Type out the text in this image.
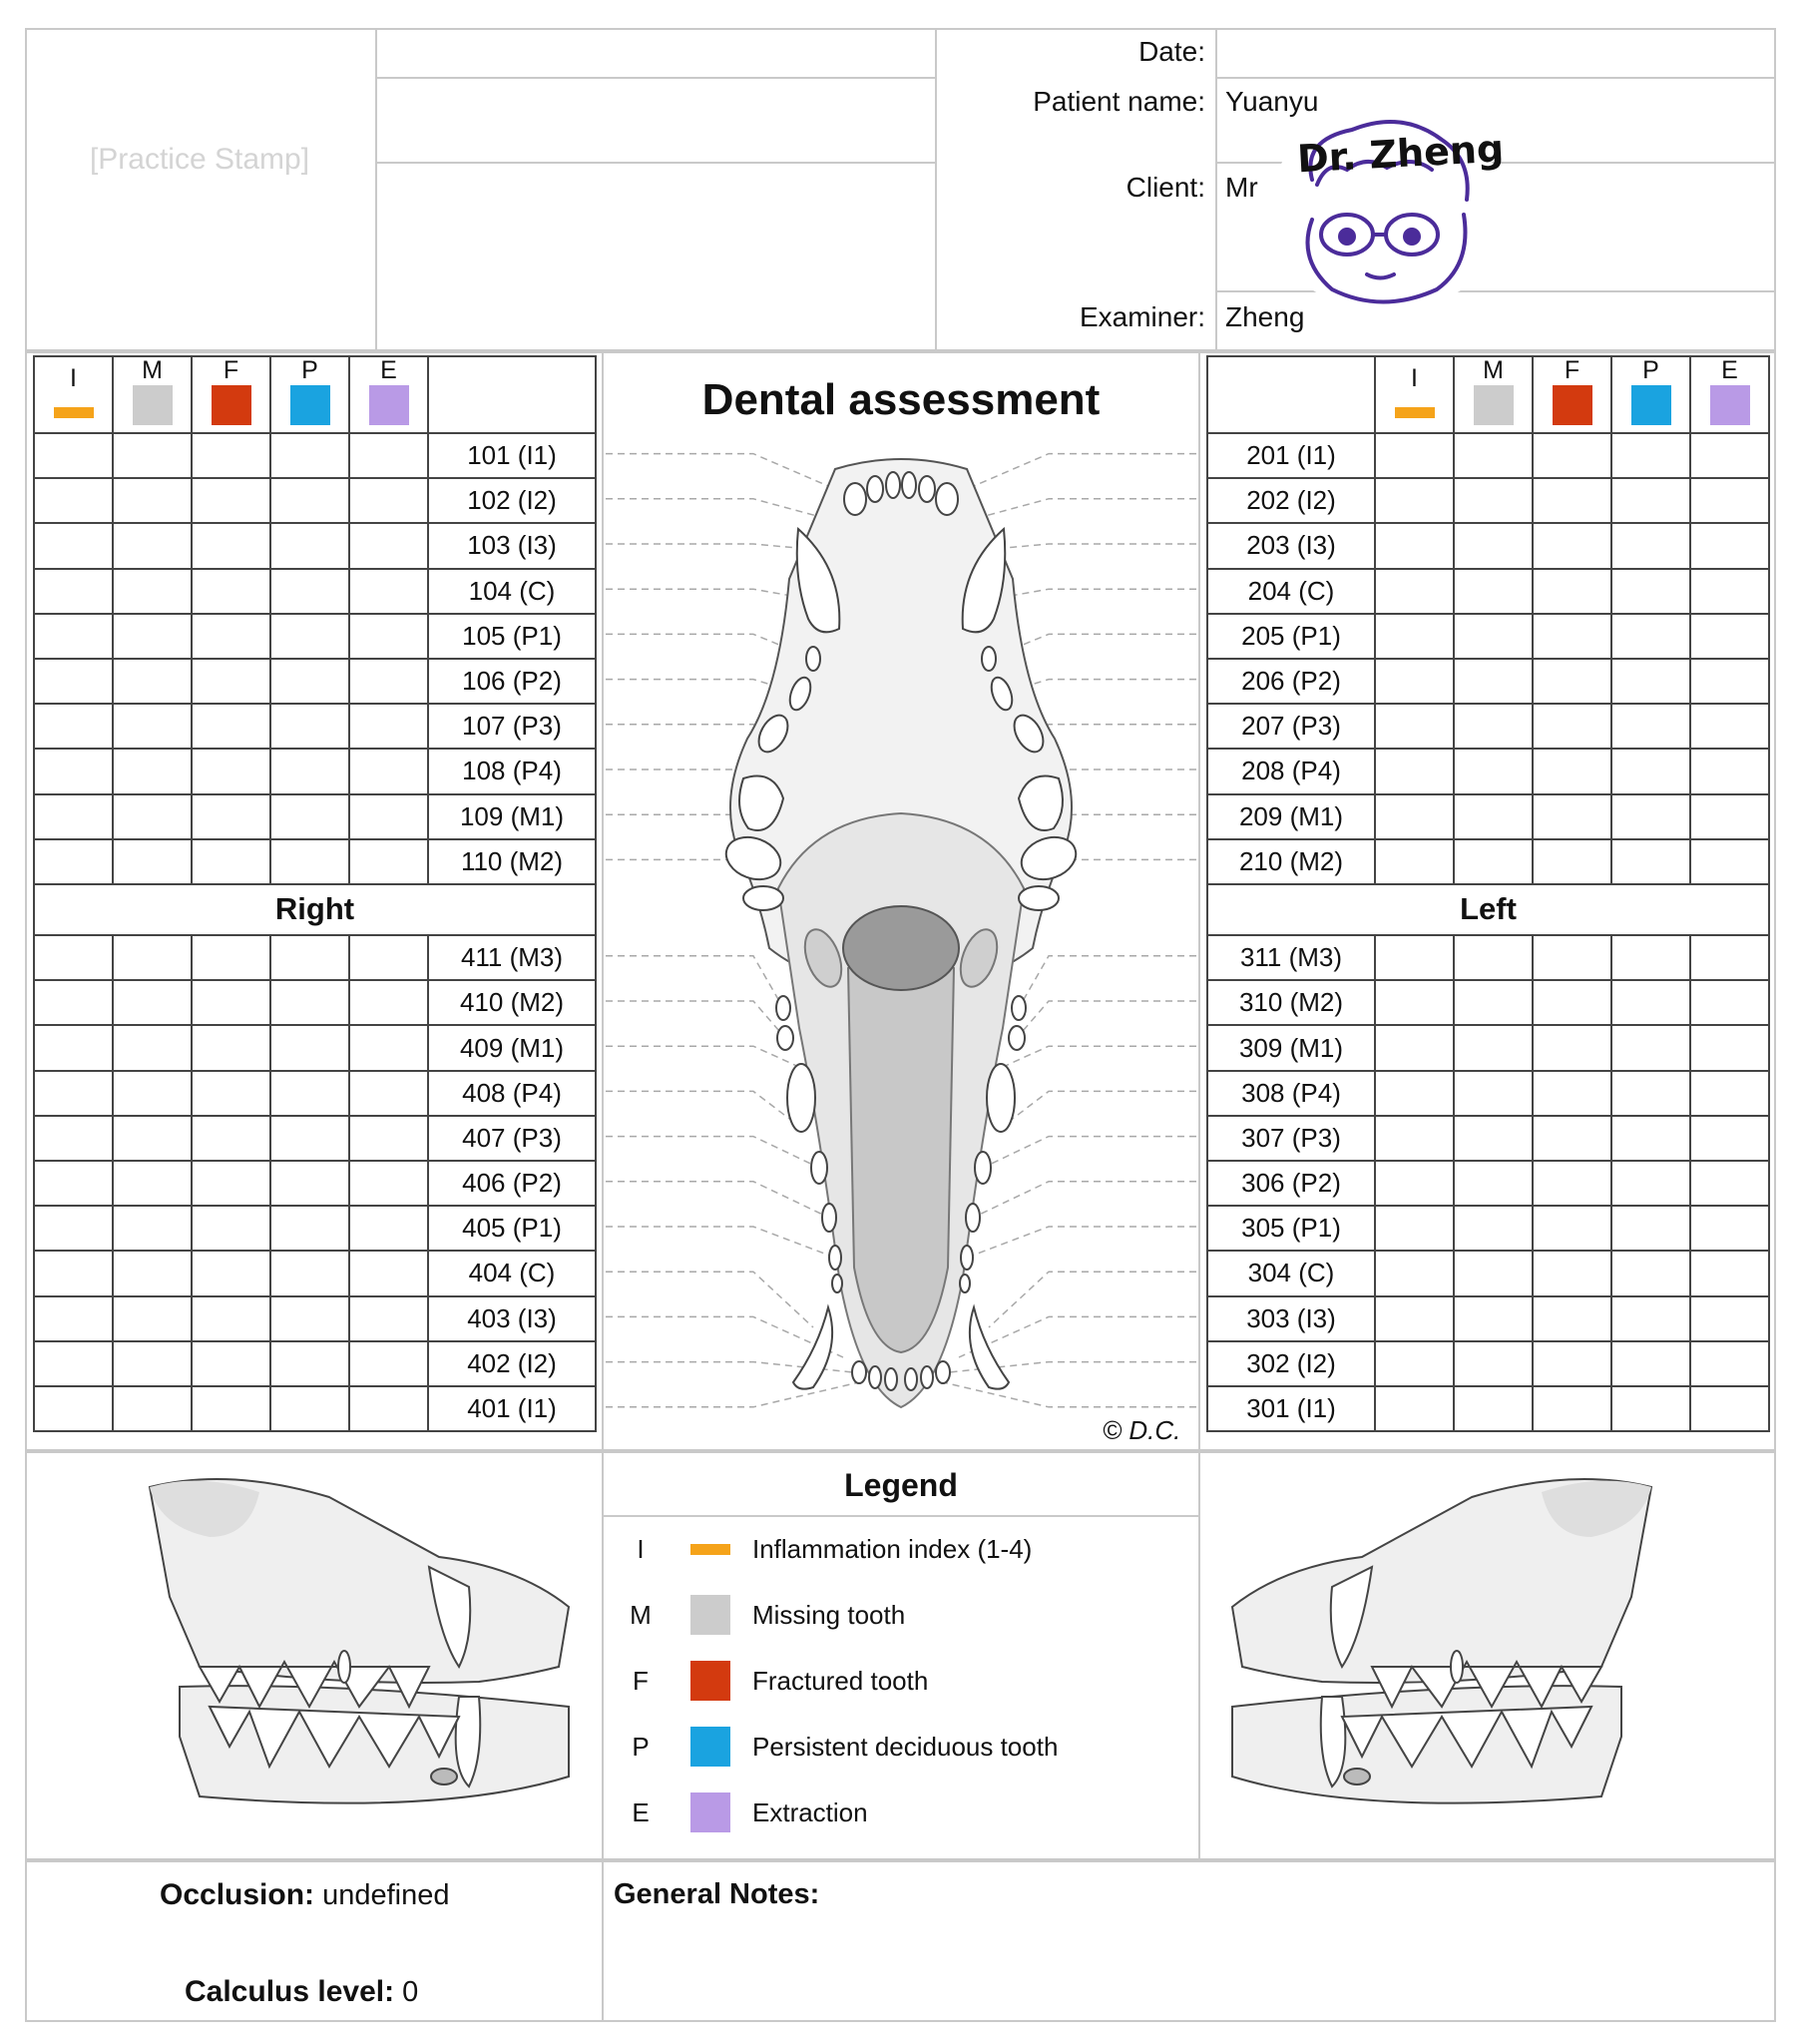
[Practice Stamp]
Date:
Patient name: Yuanyu
Client: Mr
Examiner: Zheng
Dr. Zheng
I	M	F	P	E	

					101 (I1)
					102 (I2)
					103 (I3)
					104 (C)
					105 (P1)
					106 (P2)
					107 (P3)
					108 (P4)
					109 (M1)
					110 (M2)
Right					
					411 (M3)
					410 (M2)
					409 (M1)
					408 (P4)
					407 (P3)
					406 (P2)
					405 (P1)
					404 (C)
					403 (I3)
					402 (I2)
					401 (I1)

	I	M	F	P	E

201 (I1)					
202 (I2)					
203 (I3)					
204 (C)					
205 (P1)					
206 (P2)					
207 (P3)					
208 (P4)					
209 (M1)					
210 (M2)					
Left					
311 (M3)					
310 (M2)					
309 (M1)					
308 (P4)					
307 (P3)					
306 (P2)					
305 (P1)					
304 (C)					
303 (I3)					
302 (I2)					
301 (I1)					
Dental assessment
© D.C.
Legend
I	Inflammation index (1-4)
M	Missing tooth
F	Fractured tooth
P	Persistent deciduous tooth
E	Extraction
Occlusion: undefined
Calculus level: 0
General Notes:
